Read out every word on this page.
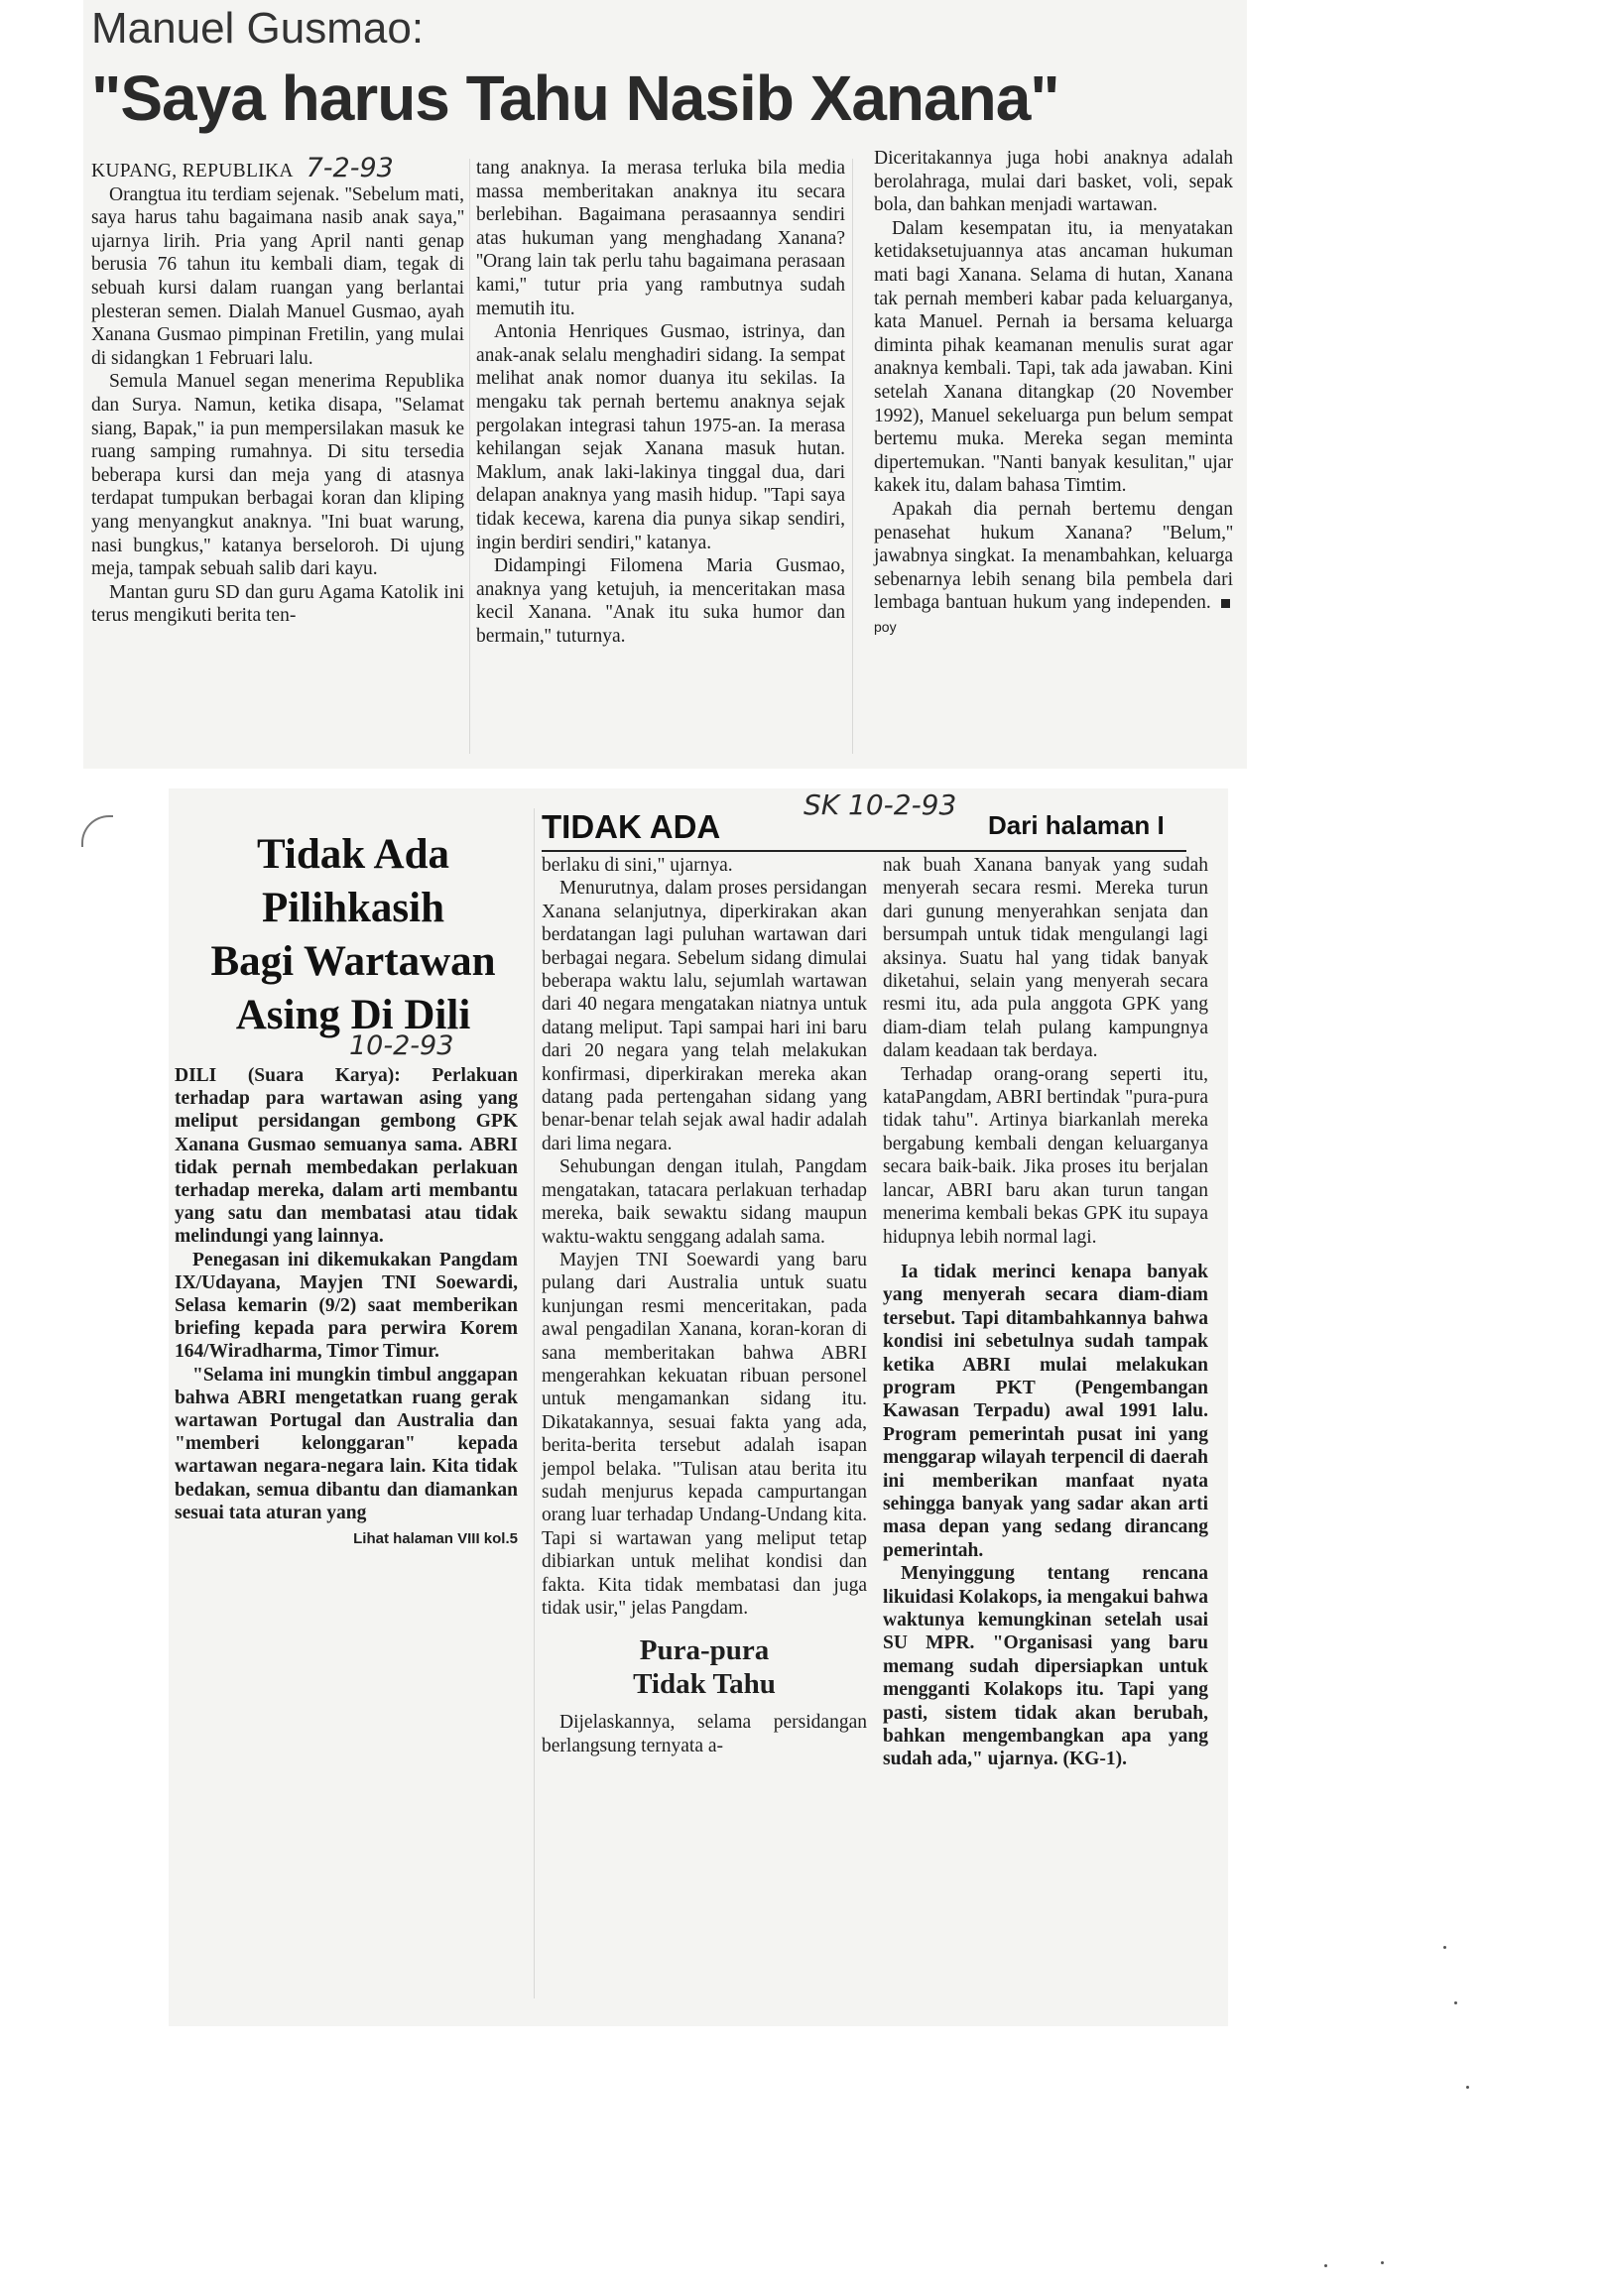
Manuel Gusmao:
"Saya harus Tahu Nasib Xanana"
KUPANG, REPUBLIKA 7-2-93

Orangtua itu terdiam sejenak. ''Sebelum mati, saya harus tahu bagaimana nasib anak saya,'' ujarnya lirih. Pria yang April nanti genap berusia 76 tahun itu kembali diam, tegak di sebuah kursi dalam ruangan yang berlantai plesteran semen. Dialah Manuel Gusmao, ayah Xanana Gusmao pimpinan Fretilin, yang mulai di sidangkan 1 Februari lalu.

Semula Manuel segan menerima Republika dan Surya. Namun, ketika disapa, ''Selamat siang, Bapak,'' ia pun mempersilakan masuk ke ruang samping rumahnya. Di situ tersedia beberapa kursi dan meja yang di atasnya terdapat tumpukan berbagai koran dan kliping yang menyangkut anaknya. ''Ini buat warung, nasi bungkus,'' katanya berseloroh. Di ujung meja, tampak sebuah salib dari kayu.

Mantan guru SD dan guru Agama Katolik ini terus mengikuti berita ten-

tang anaknya. Ia merasa terluka bila media massa memberitakan anaknya itu secara berlebihan. Bagaimana perasaannya sendiri atas hukuman yang menghadang Xanana? ''Orang lain tak perlu tahu bagaimana perasaan kami,'' tutur pria yang rambutnya sudah memutih itu.

Antonia Henriques Gusmao, istrinya, dan anak-anak selalu menghadiri sidang. Ia sempat melihat anak nomor duanya itu sekilas. Ia mengaku tak pernah bertemu anaknya sejak pergolakan integrasi tahun 1975-an. Ia merasa kehilangan sejak Xanana masuk hutan. Maklum, anak laki-lakinya tinggal dua, dari delapan anaknya yang masih hidup. ''Tapi saya tidak kecewa, karena dia punya sikap sendiri, ingin berdiri sendiri,'' katanya.

Didampingi Filomena Maria Gusmao, anaknya yang ketujuh, ia menceritakan masa kecil Xanana. ''Anak itu suka humor dan bermain,'' tuturnya.

Diceritakannya juga hobi anaknya adalah berolahraga, mulai dari basket, voli, sepak bola, dan bahkan menjadi wartawan.

Dalam kesempatan itu, ia menyatakan ketidaksetujuannya atas ancaman hukuman mati bagi Xanana. Selama di hutan, Xanana tak pernah memberi kabar pada keluarganya, kata Manuel. Pernah ia bersama keluarga diminta pihak keamanan menulis surat agar anaknya kembali. Tapi, tak ada jawaban. Kini setelah Xanana ditangkap (20 November 1992), Manuel sekeluarga pun belum sempat bertemu muka. Mereka segan meminta dipertemukan. ''Nanti banyak kesulitan,'' ujar kakek itu, dalam bahasa Timtim.

Apakah dia pernah bertemu dengan penasehat hukum Xanana? ''Belum,'' jawabnya singkat. Ia menambahkan, keluarga sebenarnya lebih senang bila pembela dari lembaga bantuan hukum yang independen. poy

Tidak Ada
Pilihkasih
Bagi Wartawan
Asing Di Dili
10-2-93

DILI (Suara Karya): Perlakuan terhadap para wartawan asing yang meliput persidangan gembong GPK Xanana Gusmao semuanya sama. ABRI tidak pernah membedakan perlakuan terhadap mereka, dalam arti membantu yang satu dan membatasi atau tidak melindungi yang lainnya.

Penegasan ini dikemukakan Pangdam IX/Udayana, Mayjen TNI Soewardi, Selasa kemarin (9/2) saat memberikan briefing kepada para perwira Korem 164/Wiradharma, Timor Timur.

"Selama ini mungkin timbul anggapan bahwa ABRI mengetatkan ruang gerak wartawan Portugal dan Australia dan "memberi kelonggaran" kepada wartawan negara-negara lain. Kita tidak bedakan, semua dibantu dan diamankan sesuai tata aturan yang

Lihat halaman VIII kol.5
TIDAK ADA
SK 10-2-93
Dari halaman I

berlaku di sini," ujarnya.

Menurutnya, dalam proses persidangan Xanana selanjutnya, diperkirakan akan berdatangan lagi puluhan wartawan dari berbagai negara. Sebelum sidang dimulai beberapa waktu lalu, sejumlah wartawan dari 40 negara mengatakan niatnya untuk datang meliput. Tapi sampai hari ini baru dari 20 negara yang telah melakukan konfirmasi, diperkirakan mereka akan datang pada pertengahan sidang yang benar-benar telah sejak awal hadir adalah dari lima negara.

Sehubungan dengan itulah, Pangdam mengatakan, tatacara perlakuan terhadap mereka, baik sewaktu sidang maupun waktu-waktu senggang adalah sama.

Mayjen TNI Soewardi yang baru pulang dari Australia untuk suatu kunjungan resmi menceritakan, pada awal pengadilan Xanana, koran-koran di sana memberitakan bahwa ABRI mengerahkan kekuatan ribuan personel untuk mengamankan sidang itu. Dikatakannya, sesuai fakta yang ada, berita-berita tersebut adalah isapan jempol belaka. "Tulisan atau berita itu sudah menjurus kepada campurtangan orang luar terhadap Undang-Undang kita. Tapi si wartawan yang meliput tetap dibiarkan untuk melihat kondisi dan fakta. Kita tidak membatasi dan juga tidak usir," jelas Pangdam.

Pura-pura
Tidak Tahu

Dijelaskannya, selama persidangan berlangsung ternyata a-

nak buah Xanana banyak yang sudah menyerah secara resmi. Mereka turun dari gunung menyerahkan senjata dan bersumpah untuk tidak mengulangi lagi aksinya. Suatu hal yang tidak banyak diketahui, selain yang menyerah secara resmi itu, ada pula anggota GPK yang diam-diam telah pulang kampungnya dalam keadaan tak berdaya.

Terhadap orang-orang seperti itu, kataPangdam, ABRI bertindak "pura-pura tidak tahu". Artinya biarkanlah mereka bergabung kembali dengan keluarganya secara baik-baik. Jika proses itu berjalan lancar, ABRI baru akan turun tangan menerima kembali bekas GPK itu supaya hidupnya lebih normal lagi.

Ia tidak merinci kenapa banyak yang menyerah secara diam-diam tersebut. Tapi ditambahkannya bahwa kondisi ini sebetulnya sudah tampak ketika ABRI mulai melakukan program PKT (Pengembangan Kawasan Terpadu) awal 1991 lalu. Program pemerintah pusat ini yang menggarap wilayah terpencil di daerah ini memberikan manfaat nyata sehingga banyak yang sadar akan arti masa depan yang sedang dirancang pemerintah.

Menyinggung tentang rencana likuidasi Kolakops, ia mengakui bahwa waktunya kemungkinan setelah usai SU MPR. "Organisasi yang baru memang sudah dipersiapkan untuk mengganti Kolakops itu. Tapi yang pasti, sistem tidak akan berubah, bahkan mengembangkan apa yang sudah ada," ujarnya. (KG-1).
